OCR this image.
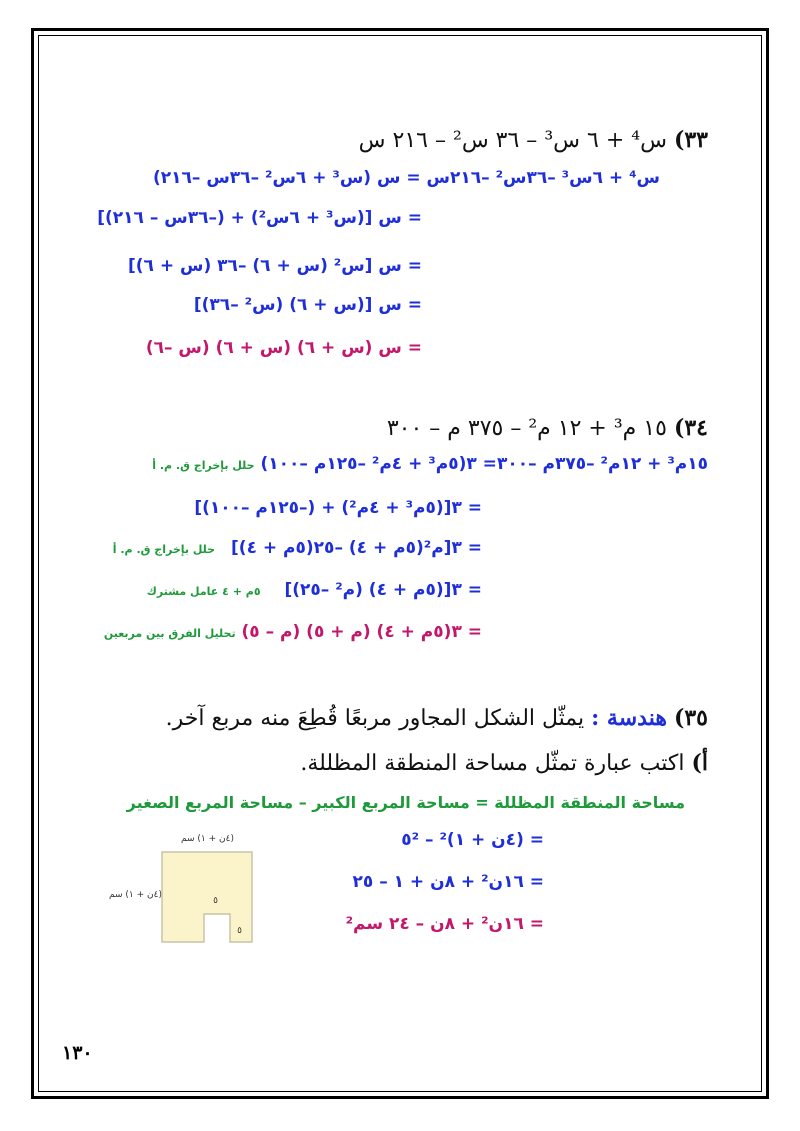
٣٣) س⁴ + ٦ س³ – ٣٦ س² – ٢١٦ س
س⁴ + ٦س³ –٣٦س² –٢١٦س = س (س³ + ٦س² –٣٦س –٢١٦)
= س [(س³ + ٦س²) + (–٣٦س – ٢١٦)]
= س [س² (س + ٦) –٣٦ (س + ٦)]
= س [(س + ٦) (س² –٣٦)]
= س (س + ٦) (س + ٦) (س –٦)
٣٤) ١٥ م³ + ١٢ م² – ٣٧٥ م – ٣٠٠
١٥م³ + ١٢م² –٣٧٥م –٣٠٠= ٣(٥م³ + ٤م² –١٢٥م –١٠٠) حلل بإخراج ق. م. أ
= ٣[(٥م³ + ٤م²) + (–١٢٥م –١٠٠)]
= ٣[م²(٥م + ٤) –٢٥(٥م + ٤)] حلل بإخراج ق. م. أ
= ٣[(٥م + ٤) (م² –٢٥)] ٥م + ٤ عامل مشترك
= ٣(٥م + ٤) (م + ٥) (م – ٥) تحليل الفرق بين مربعين
٣٥) هندسة : يمثّل الشكل المجاور مربعًا قُطِعَ منه مربع آخر.
أ) اكتب عبارة تمثّل مساحة المنطقة المظللة.
مساحة المنطقة المظللة = مساحة المربع الكبير – مساحة المربع الصغير
= (٤ن + ١)² – ٥²
= ١٦ن² + ٨ن + ١ – ٢٥
= ١٦ن² + ٨ن – ٢٤ سم²
(٤ن + ١) سم
(٤ن + ١) سم
٥
٥
١٣٠
